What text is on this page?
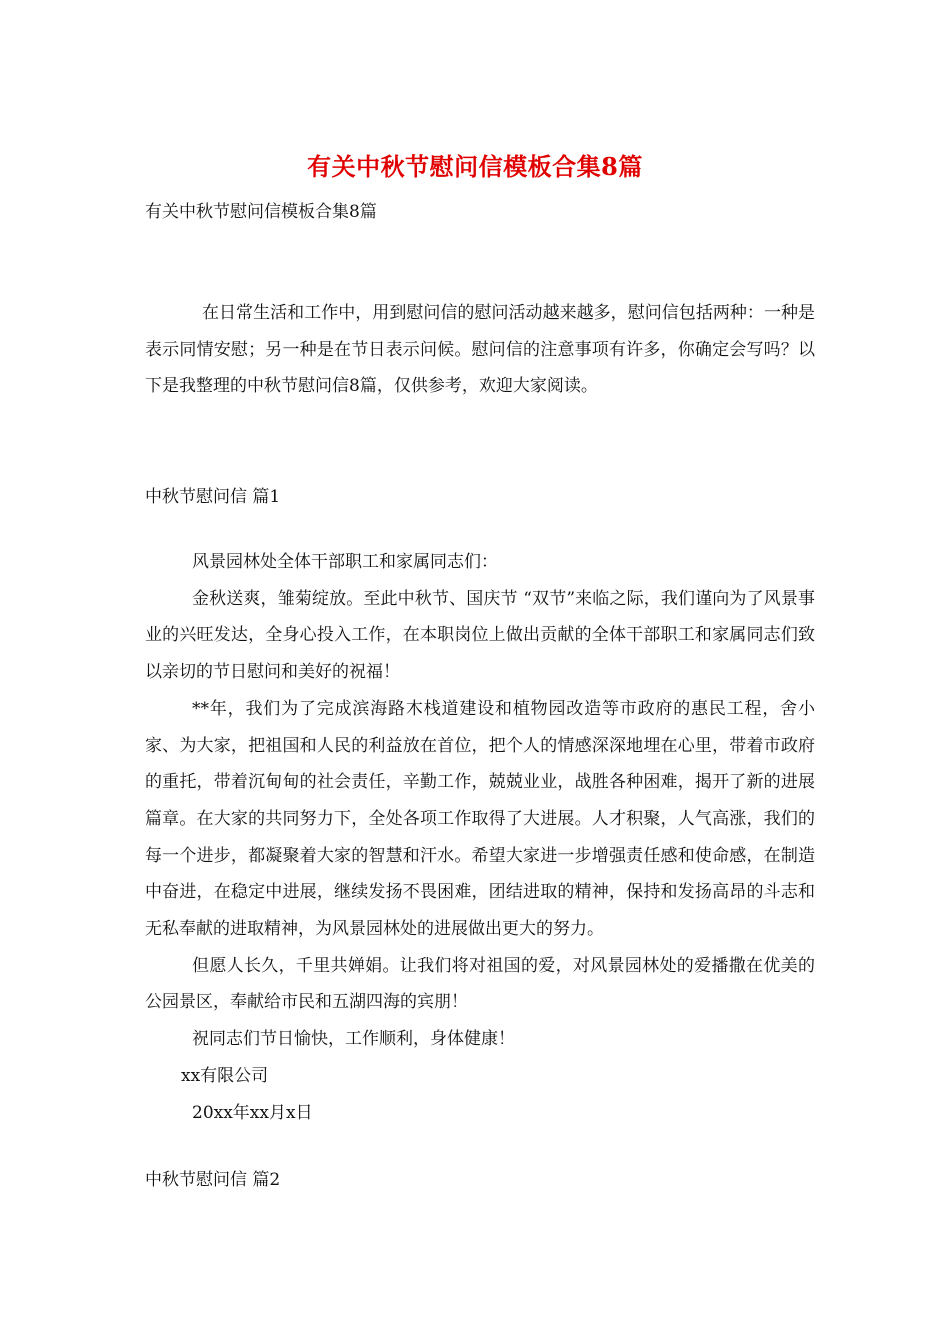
有关中秋节慰问信模板合集8篇
有关中秋节慰问信模板合集8篇

在日常生活和工作中，用到慰问信的慰问活动越来越多，慰问信包括两种：一种是表示同情安慰；另一种是在节日表示问候。慰问信的注意事项有许多，你确定会写吗？以下是我整理的中秋节慰问信8篇，仅供参考，欢迎大家阅读。

中秋节慰问信 篇1

风景园林处全体干部职工和家属同志们：

金秋送爽，雏菊绽放。至此中秋节、国庆节 “双节”来临之际，我们谨向为了风景事业的兴旺发达，全身心投入工作，在本职岗位上做出贡献的全体干部职工和家属同志们致以亲切的节日慰问和美好的祝福！

**年，我们为了完成滨海路木栈道建设和植物园改造等市政府的惠民工程，舍小家、为大家，把祖国和人民的利益放在首位，把个人的情感深深地埋在心里，带着市政府的重托，带着沉甸甸的社会责任，辛勤工作，兢兢业业，战胜各种困难，揭开了新的进展篇章。在大家的共同努力下，全处各项工作取得了大进展。人才积聚，人气高涨，我们的每一个进步，都凝聚着大家的智慧和汗水。希望大家进一步增强责任感和使命感，在制造中奋进，在稳定中进展，继续发扬不畏困难，团结进取的精神，保持和发扬高昂的斗志和无私奉献的进取精神，为风景园林处的进展做出更大的努力。

但愿人长久，千里共婵娟。让我们将对祖国的爱，对风景园林处的爱播撒在优美的公园景区，奉献给市民和五湖四海的宾朋！

祝同志们节日愉快，工作顺利，身体健康！

xx有限公司

20xx年xx月x日

中秋节慰问信 篇2
